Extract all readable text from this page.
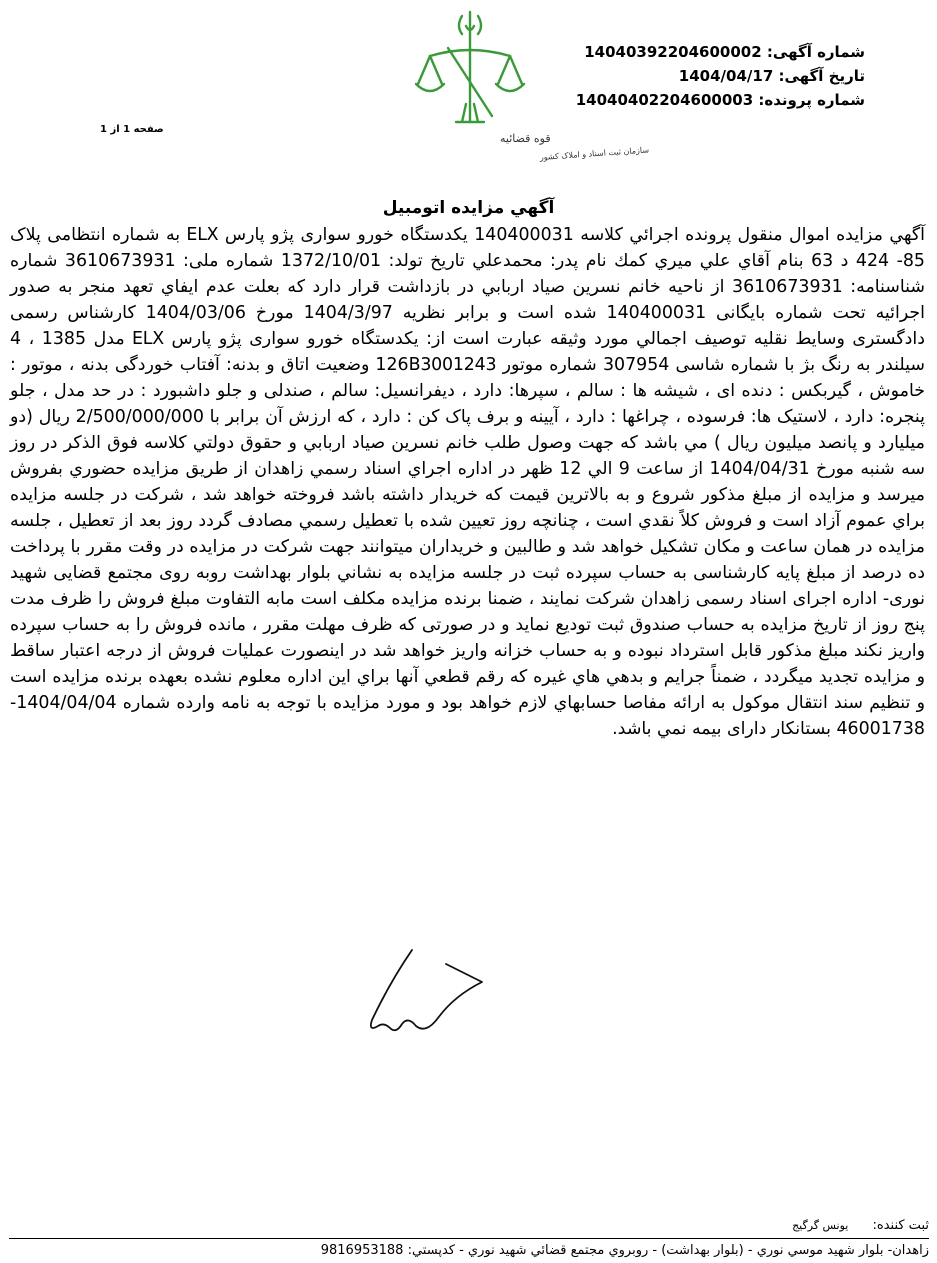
قوه قضائیه
سازمان ثبت اسناد و املاک کشور
شماره آگهی: 14040392204600002
تاریخ آگهی: 1404/04/17
شماره پرونده: 14040402204600003
صفحه 1 از 1
آگهي مزايده اتومبيل

آگهي مزايده اموال منقول پرونده اجرائي كلاسه 140400031 يكدستگاه خورو سواری پژو پارس ELX به شماره انتظامی پلاک 85- 424 د 63 بنام آقاي علي ميري كمك نام پدر: محمدعلي تاريخ تولد: 1372/10/01 شماره ملی: 3610673931 شماره شناسنامه: 3610673931 از ناحيه خانم نسرين صياد اربابي در بازداشت قرار دارد كه بعلت عدم ايفاي تعهد منجر به صدور اجرائيه تحت شماره بايگانى 140400031 شده است و برابر نظريه 1404/3/97 مورخ 1404/03/06 كارشناس رسمی دادگستری وسايط نقليه توصيف اجمالي مورد وثيقه عبارت است از: يكدستگاه خورو سواری پژو پارس ELX مدل 1385 ، 4 سيلندر به رنگ بژ با شماره شاسی 307954 شماره موتور 126B3001243 وضعيت اتاق و بدنه: آفتاب خوردگی بدنه ، موتور : خاموش ، گيربكس : دنده ای ، شيشه ها : سالم ، سپرها: دارد ، ديفرانسيل: سالم ، صندلی و جلو داشبورد : در حد مدل ، جلو پنجره: دارد ، لاستيک ها: فرسوده ، چراغها : دارد ، آيينه و برف پاک کن : دارد ، كه ارزش آن برابر با 2/500/000/000 ريال (دو ميليارد و پانصد ميليون ريال ) مي باشد كه جهت وصول طلب خانم نسرين صياد اربابي و حقوق دولتي كلاسه فوق الذكر در روز سه شنبه مورخ 1404/04/31 از ساعت 9 الي 12 ظهر در اداره اجراي اسناد رسمي زاهدان از طريق مزايده حضوري بفروش ميرسد و مزايده از مبلغ مذكور شروع و به بالاترين قيمت كه خريدار داشته باشد فروخته خواهد شد ، شركت در جلسه مزايده براي عموم آزاد است و فروش كلاً نقدي است ، چنانچه روز تعيين شده با تعطيل رسمي مصادف گردد روز بعد از تعطيل ، جلسه مزايده در همان ساعت و مكان تشكيل خواهد شد و طالبين و خريداران ميتوانند جهت شركت در مزايده در وقت مقرر با پرداخت ده درصد از مبلغ پايه كارشناسی به حساب سپرده ثبت در جلسه مزايده به نشاني بلوار بهداشت روبه روی مجتمع قضايی شهيد نوری- اداره اجرای اسناد رسمی زاهدان شركت نمايند ، ضمنا برنده مزايده مكلف است مابه التفاوت مبلغ فروش را ظرف مدت پنج روز از تاريخ مزايده به حساب صندوق ثبت توديع نمايد و در صورتی كه ظرف مهلت مقرر ، مانده فروش را به حساب سپرده واريز نكند مبلغ مذكور قابل استرداد نبوده و به حساب خزانه واريز خواهد شد در اينصورت عمليات فروش از درجه اعتبار ساقط و مزايده تجديد ميگردد ، ضمناً جرايم و بدهي هاي غيره كه رقم قطعي آنها براي اين اداره معلوم نشده بعهده برنده مزايده است و تنظيم سند انتقال موكول به ارائه مفاصا حسابهاي لازم خواهد بود و مورد مزايده با توجه به نامه وارده شماره 1404/04/04-46001738 بستانكار دارای بيمه نمي باشد.

ثبت کننده: یونس گرگیج
زاهدان- بلوار شهيد موسي نوري - (بلوار بهداشت) - روبروي مجتمع قضائي شهيد نوري - كدپستي: 9816953188
